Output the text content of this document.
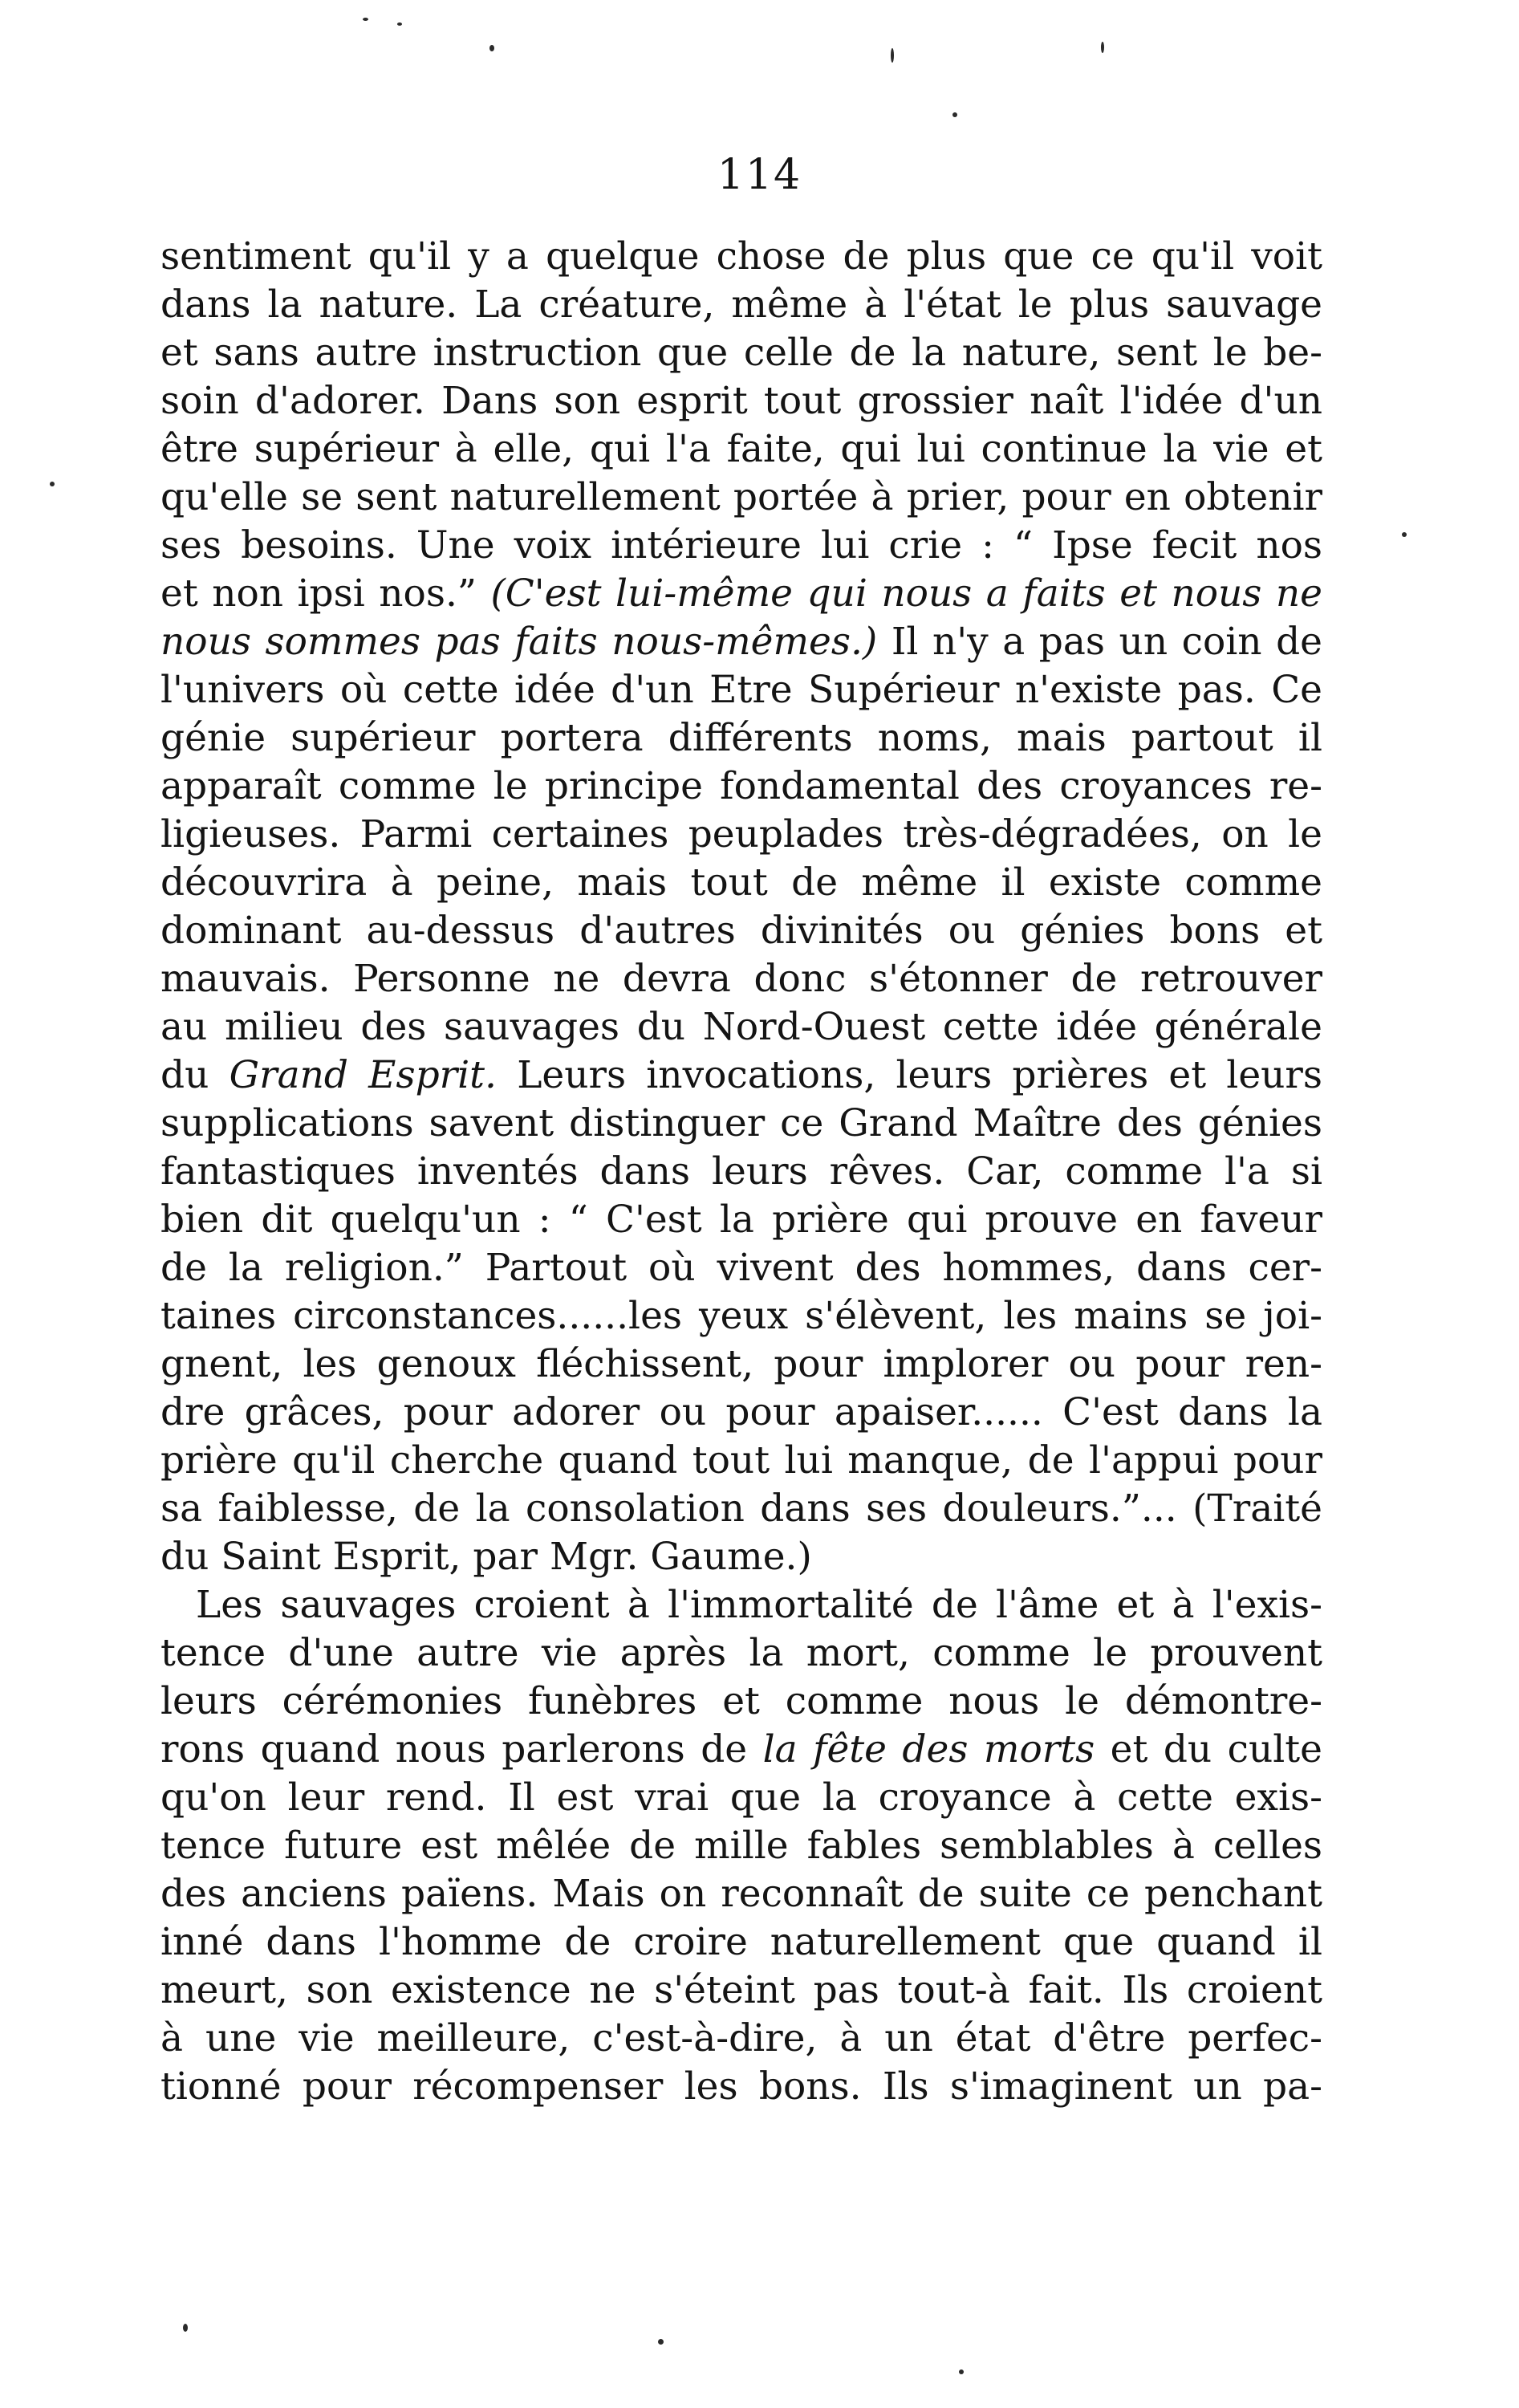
114
sentiment qu'il y a quelque chose de plus que ce qu'il voit
dans la nature. La créature, même à l'état le plus sauvage
et sans autre instruction que celle de la nature, sent le be-
soin d'adorer. Dans son esprit tout grossier naît l'idée d'un
être supérieur à elle, qui l'a faite, qui lui continue la vie et
qu'elle se sent naturellement portée à prier, pour en obtenir
ses besoins. Une voix intérieure lui crie : “ Ipse fecit nos
et non ipsi nos.” (C'est lui-même qui nous a faits et nous ne
nous sommes pas faits nous-mêmes.) Il n'y a pas un coin de
l'univers où cette idée d'un Etre Supérieur n'existe pas. Ce
génie supérieur portera différents noms, mais partout il
apparaît comme le principe fondamental des croyances re-
ligieuses. Parmi certaines peuplades très-dégradées, on le
découvrira à peine, mais tout de même il existe comme
dominant au-dessus d'autres divinités ou génies bons et
mauvais. Personne ne devra donc s'étonner de retrouver
au milieu des sauvages du Nord-Ouest cette idée générale
du Grand Esprit. Leurs invocations, leurs prières et leurs
supplications savent distinguer ce Grand Maître des génies
fantastiques inventés dans leurs rêves. Car, comme l'a si
bien dit quelqu'un : “ C'est la prière qui prouve en faveur
de la religion.” Partout où vivent des hommes, dans cer-
taines circonstances......les yeux s'élèvent, les mains se joi-
gnent, les genoux fléchissent, pour implorer ou pour ren-
dre grâces, pour adorer ou pour apaiser...... C'est dans la
prière qu'il cherche quand tout lui manque, de l'appui pour
sa faiblesse, de la consolation dans ses douleurs.”... (Traité
du Saint Esprit, par Mgr. Gaume.)
Les sauvages croient à l'immortalité de l'âme et à l'exis-
tence d'une autre vie après la mort, comme le prouvent
leurs cérémonies funèbres et comme nous le démontre-
rons quand nous parlerons de la fête des morts et du culte
qu'on leur rend. Il est vrai que la croyance à cette exis-
tence future est mêlée de mille fables semblables à celles
des anciens païens. Mais on reconnaît de suite ce penchant
inné dans l'homme de croire naturellement que quand il
meurt, son existence ne s'éteint pas tout-à fait. Ils croient
à une vie meilleure, c'est-à-dire, à un état d'être perfec-
tionné pour récompenser les bons. Ils s'imaginent un pa-
